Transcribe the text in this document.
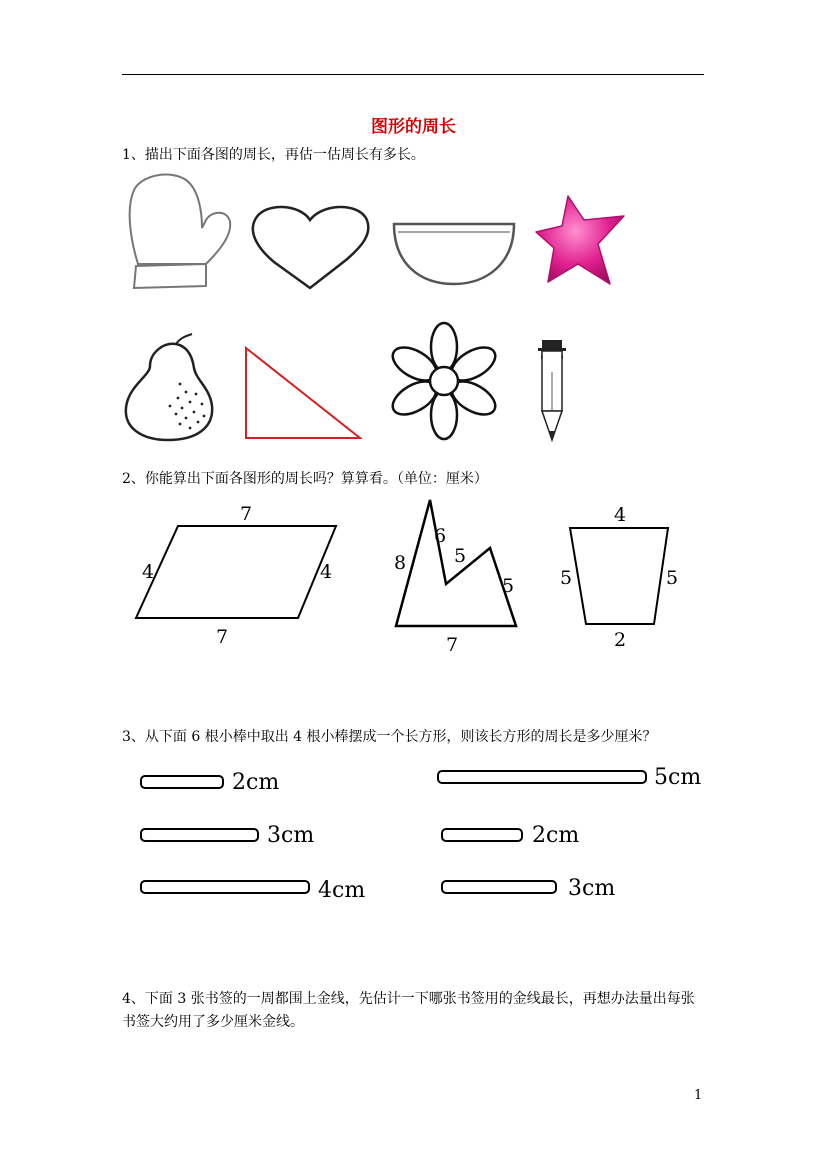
图形的周长
1、描出下面各图的周长，再估一估周长有多长。
2、你能算出下面各图形的周长吗？算算看。（单位：厘米）
7
7
4	4	8
6
5
5
7
4
5	5
2
3、从下面 6 根小棒中取出 4 根小棒摆成一个长方形，则该长方形的周长是多少厘米？
2cm
3cm
4cm
5cm
2cm
3cm
4、下面 3 张书签的一周都围上金线，先估计一下哪张书签用的金线最长，再想办法量出每张书签大约用了多少厘米金线。
1
